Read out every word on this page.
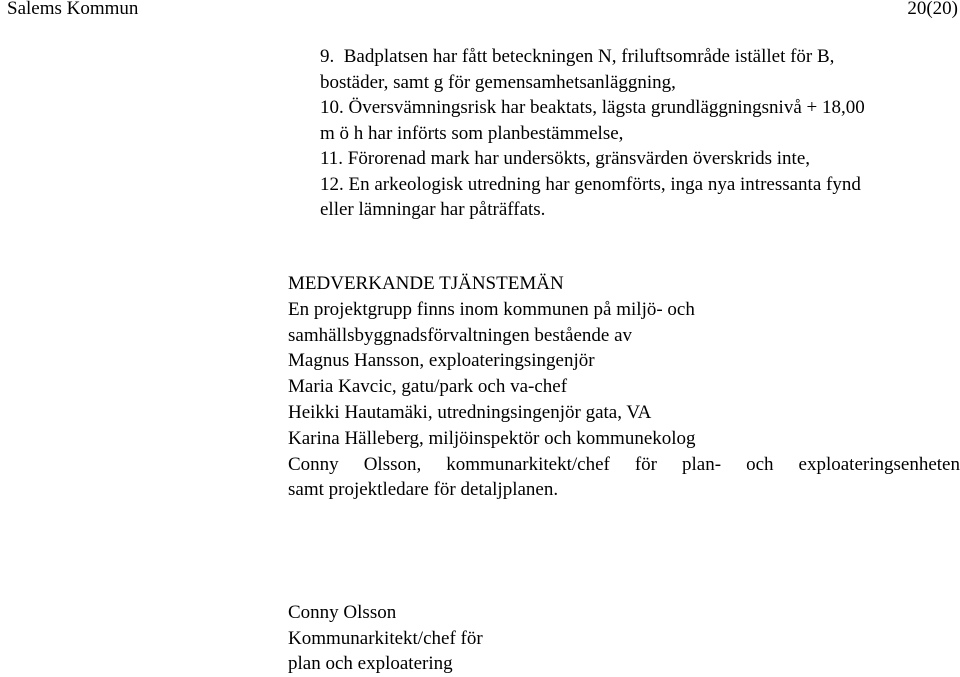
Salems Kommun	20(20)
9. Badplatsen har fått beteckningen N, friluftsområde istället för B,
bostäder, samt g för gemensamhetsanläggning,
10. Översvämningsrisk har beaktats, lägsta grundläggningsnivå + 18,00
m ö h har införts som planbestämmelse,
11. Förorenad mark har undersökts, gränsvärden överskrids inte,
12. En arkeologisk utredning har genomförts, inga nya intressanta fynd
eller lämningar har påträffats.
MEDVERKANDE TJÄNSTEMÄN
En projektgrupp finns inom kommunen på miljö- och
samhällsbyggnadsförvaltningen bestående av
Magnus Hansson, exploateringsingenjör
Maria Kavcic, gatu/park och va-chef
Heikki Hautamäki, utredningsingenjör gata, VA
Karina Hälleberg, miljöinspektör och kommunekolog
Conny Olsson, kommunarkitekt/chef för plan- och exploateringsenheten
samt projektledare för detaljplanen.
Conny Olsson
Kommunarkitekt/chef för
plan och exploatering
